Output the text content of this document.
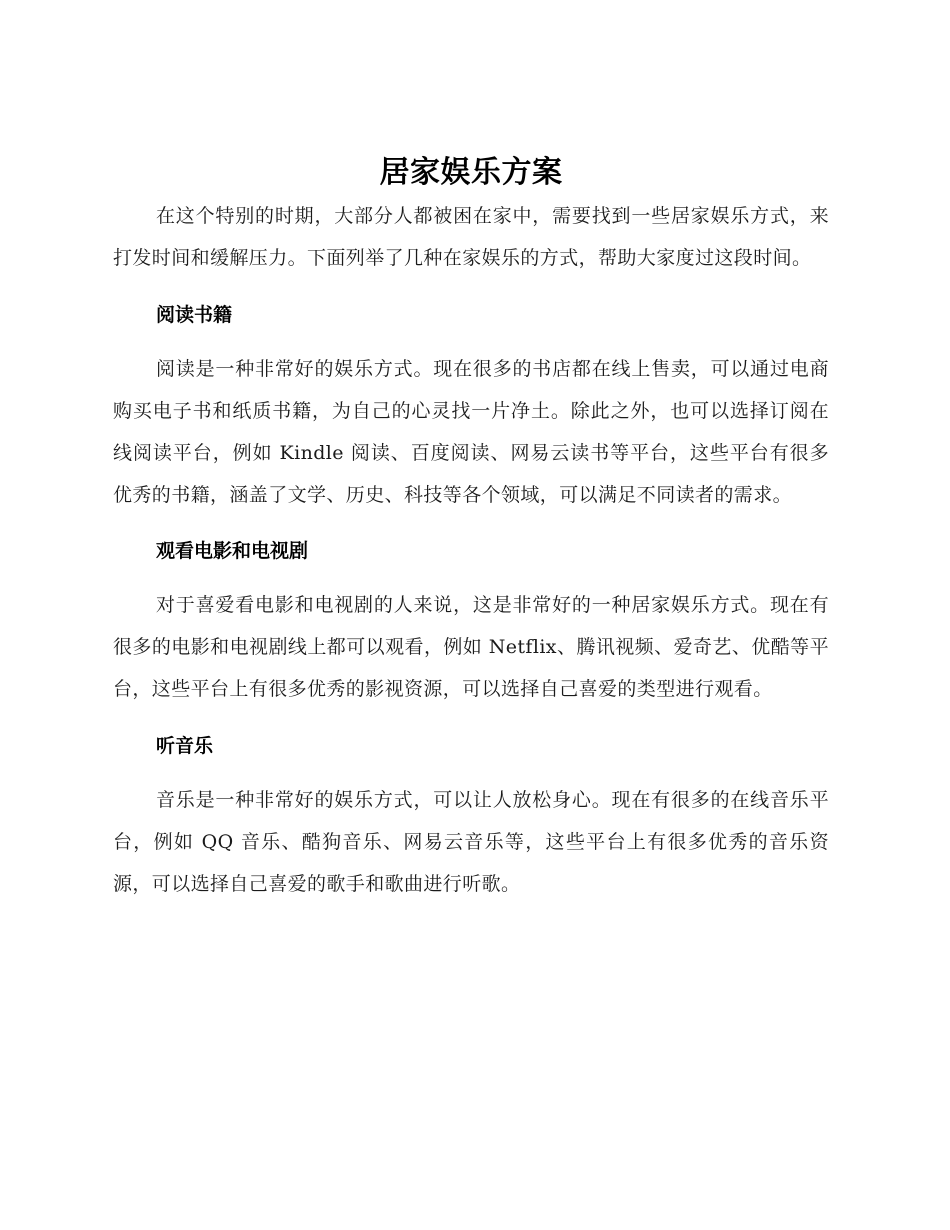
居家娱乐方案

在这个特别的时期，大部分人都被困在家中，需要找到一些居家娱乐方式，来打发时间和缓解压力。下面列举了几种在家娱乐的方式，帮助大家度过这段时间。

阅读书籍

阅读是一种非常好的娱乐方式。现在很多的书店都在线上售卖，可以通过电商购买电子书和纸质书籍，为自己的心灵找一片净土。除此之外，也可以选择订阅在线阅读平台，例如 Kindle 阅读、百度阅读、网易云读书等平台，这些平台有很多优秀的书籍，涵盖了文学、历史、科技等各个领域，可以满足不同读者的需求。

观看电影和电视剧

对于喜爱看电影和电视剧的人来说，这是非常好的一种居家娱乐方式。现在有很多的电影和电视剧线上都可以观看，例如 Netflix、腾讯视频、爱奇艺、优酷等平台，这些平台上有很多优秀的影视资源，可以选择自己喜爱的类型进行观看。

听音乐

音乐是一种非常好的娱乐方式，可以让人放松身心。现在有很多的在线音乐平台，例如 QQ 音乐、酷狗音乐、网易云音乐等，这些平台上有很多优秀的音乐资源，可以选择自己喜爱的歌手和歌曲进行听歌。
